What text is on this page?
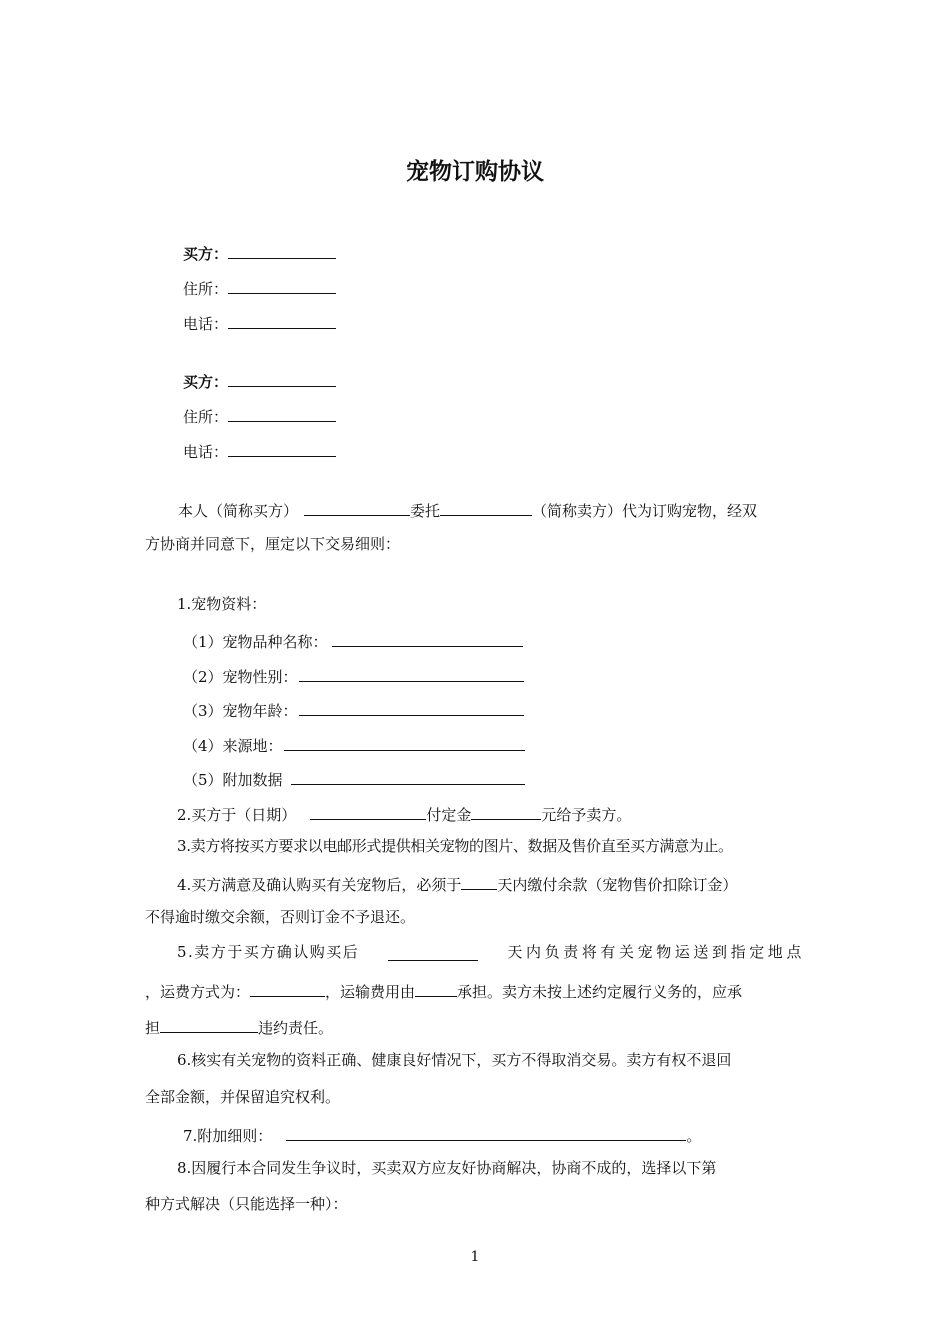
宠物订购协议
买方：
住所：
电话：
买方：
住所：
电话：
本人（简称买方）	委托	（简称卖方）代为订购宠物，经双
方协商并同意下，厘定以下交易细则：
1.宠物资料：
（1）宠物品种名称：
（2）宠物性别：
（3）宠物年龄：
（4）来源地：
（5）附加数据
2.买方于（日期）	付定金	元给予卖方。
3.卖方将按买方要求以电邮形式提供相关宠物的图片、数据及售价直至买方满意为止。
4.买方满意及确认购买有关宠物后，必须于 天内缴付余款（宠物售价扣除订金）
不得逾时缴交余额，否则订金不予退还。
5.卖方于买方确认购买后	天内负责将有关宠物运送到指定地点
，运费方式为：	，运输费用由	承担。卖方未按上述约定履行义务的，应承
担	违约责任。
6.核实有关宠物的资料正确、健康良好情况下，买方不得取消交易。卖方有权不退回
全部金额，并保留追究权利。
7.附加细则：	。
8.因履行本合同发生争议时，买卖双方应友好协商解决，协商不成的，选择以下第
种方式解决（只能选择一种）：
1
